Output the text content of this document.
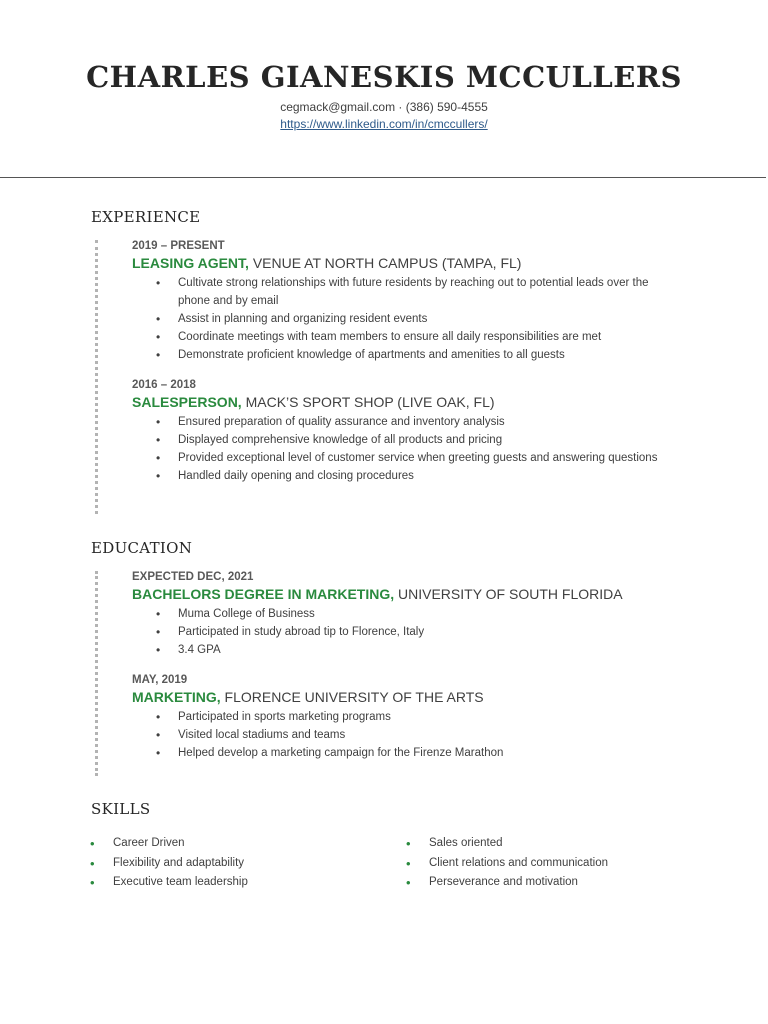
CHARLES GIANESKIS MCCULLERS
cegmack@gmail.com · (386) 590-4555
https://www.linkedin.com/in/cmccullers/
EXPERIENCE
2019 – PRESENT
LEASING AGENT, VENUE AT NORTH CAMPUS (TAMPA, FL)
• Cultivate strong relationships with future residents by reaching out to potential leads over the phone and by email
• Assist in planning and organizing resident events
• Coordinate meetings with team members to ensure all daily responsibilities are met
• Demonstrate proficient knowledge of apartments and amenities to all guests
2016 – 2018
SALESPERSON, MACK’S SPORT SHOP (LIVE OAK, FL)
• Ensured preparation of quality assurance and inventory analysis
• Displayed comprehensive knowledge of all products and pricing
• Provided exceptional level of customer service when greeting guests and answering questions
• Handled daily opening and closing procedures
EDUCATION
EXPECTED DEC, 2021
BACHELORS DEGREE IN MARKETING, UNIVERSITY OF SOUTH FLORIDA
• Muma College of Business
• Participated in study abroad tip to Florence, Italy
• 3.4 GPA
MAY, 2019
MARKETING, FLORENCE UNIVERSITY OF THE ARTS
• Participated in sports marketing programs
• Visited local stadiums and teams
• Helped develop a marketing campaign for the Firenze Marathon
SKILLS
• Career Driven
• Flexibility and adaptability
• Executive team leadership
• Sales oriented
• Client relations and communication
• Perseverance and motivation
